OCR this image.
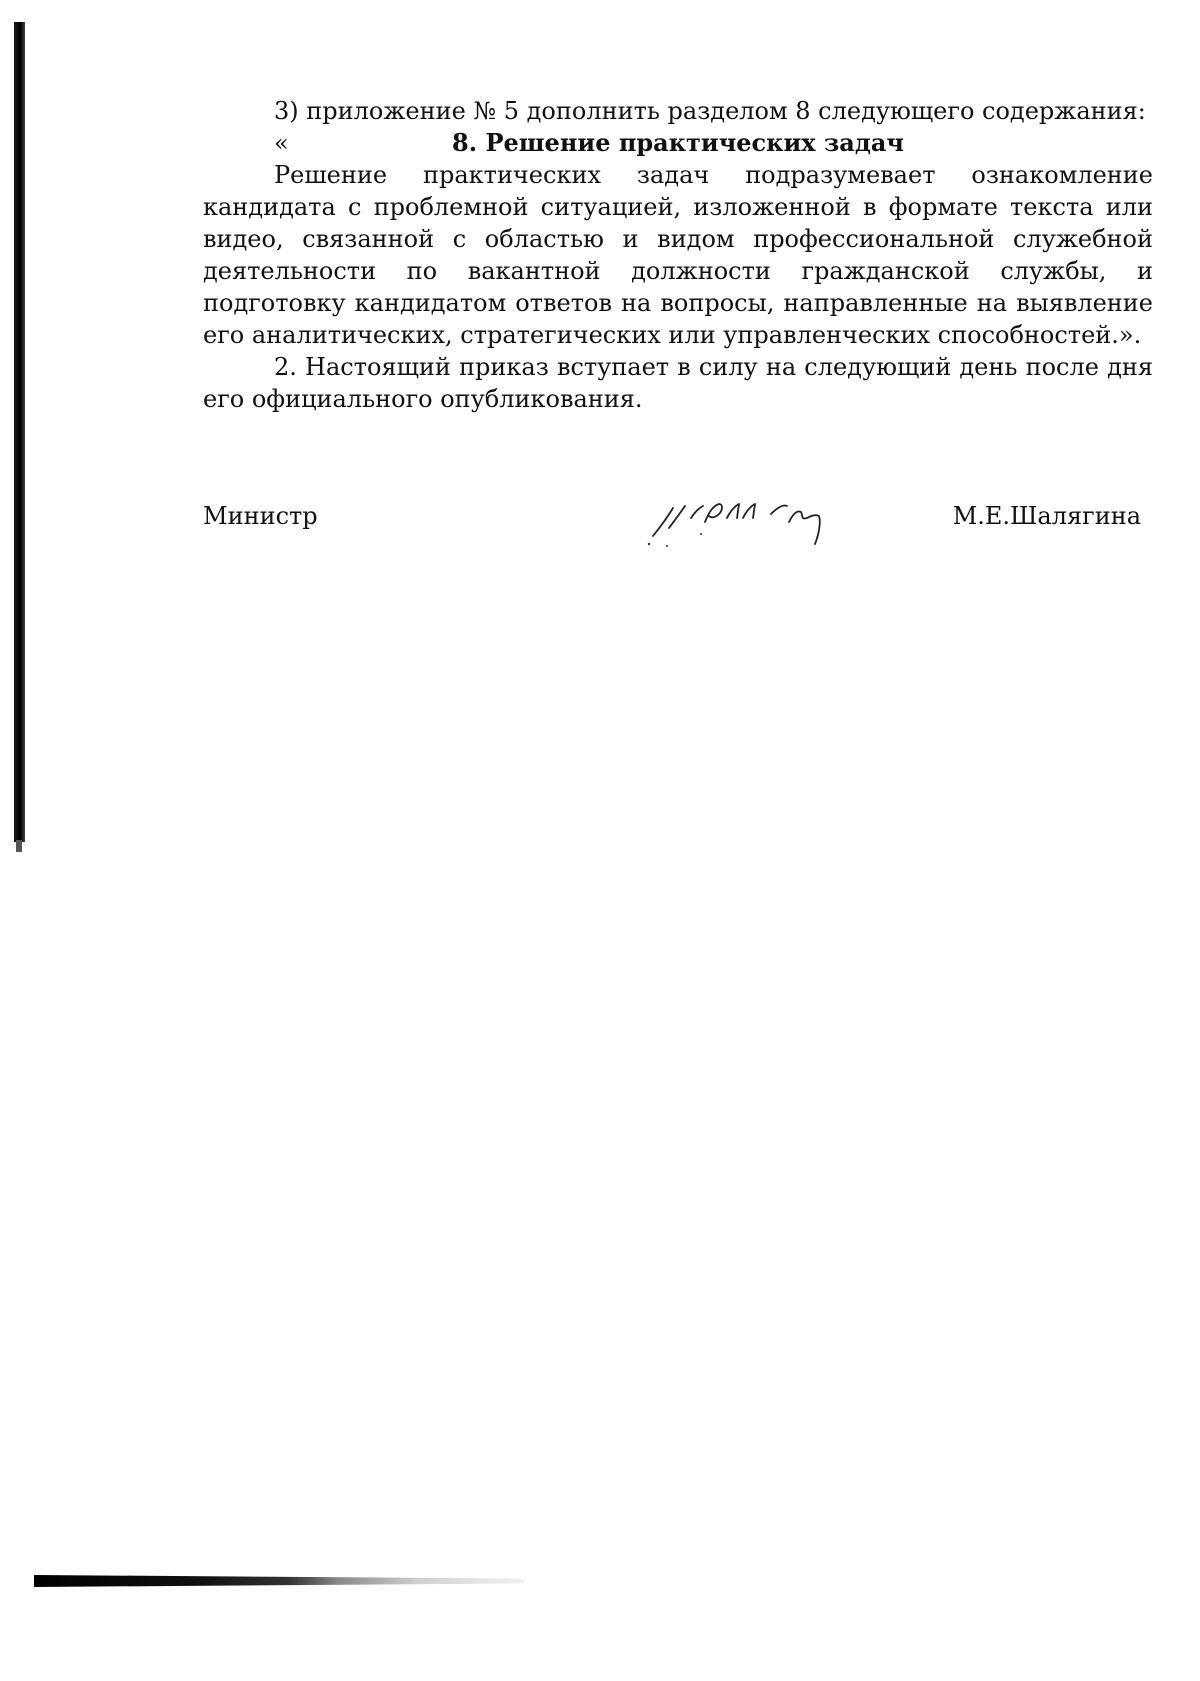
3) приложение № 5 дополнить разделом 8 следующего содержания:

«	8. Решение практических задач

Решение практических задач подразумевает ознакомление кандидата с проблемной ситуацией, изложенной в формате текста или видео, связанной с областью и видом профессиональной служебной деятельности по вакантной должности гражданской службы, и подготовку кандидатом ответов на вопросы, направленные на выявление его аналитических, стратегических или управленческих способностей.».

2. Настоящий приказ вступает в силу на следующий день после дня его официального опубликования.

Министр	М.Е.Шалягина
